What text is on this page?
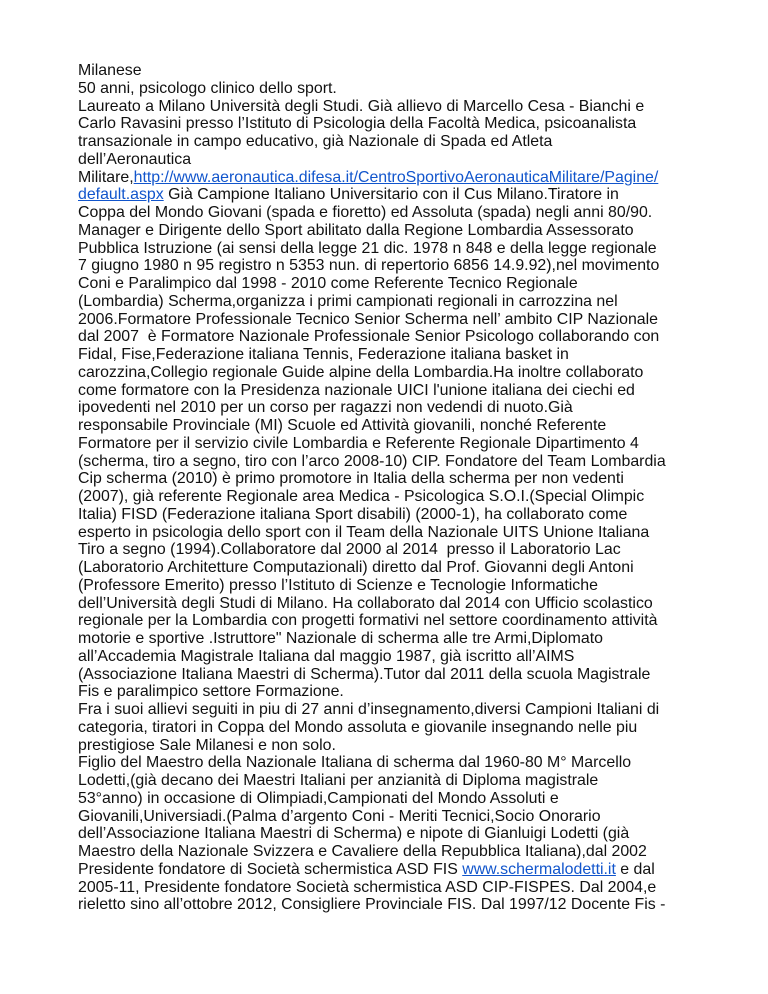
Milanese
50 anni, psicologo clinico dello sport.
Laureato a Milano Università degli Studi. Già allievo di Marcello Cesa - Bianchi e
Carlo Ravasini presso l’Istituto di Psicologia della Facoltà Medica, psicoanalista
transazionale in campo educativo, già Nazionale di Spada ed Atleta
dell’Aeronautica
Militare,http://www.aeronautica.difesa.it/CentroSportivoAeronauticaMilitare/Pagine/
default.aspx Già Campione Italiano Universitario con il Cus Milano.Tiratore in
Coppa del Mondo Giovani (spada e fioretto) ed Assoluta (spada) negli anni 80/90.
Manager e Dirigente dello Sport abilitato dalla Regione Lombardia Assessorato
Pubblica Istruzione (ai sensi della legge 21 dic. 1978 n 848 e della legge regionale
7 giugno 1980 n 95 registro n 5353 nun. di repertorio 6856 14.9.92),nel movimento
Coni e Paralimpico dal 1998 - 2010 come Referente Tecnico Regionale
(Lombardia) Scherma,organizza i primi campionati regionali in carrozzina nel
2006.Formatore Professionale Tecnico Senior Scherma nell’ ambito CIP Nazionale
dal 2007  è Formatore Nazionale Professionale Senior Psicologo collaborando con
Fidal, Fise,Federazione italiana Tennis, Federazione italiana basket in
carozzina,Collegio regionale Guide alpine della Lombardia.Ha inoltre collaborato
come formatore con la Presidenza nazionale UICI l'unione italiana dei ciechi ed
ipovedenti nel 2010 per un corso per ragazzi non vedendi di nuoto.Già
responsabile Provinciale (MI) Scuole ed Attività giovanili, nonché Referente
Formatore per il servizio civile Lombardia e Referente Regionale Dipartimento 4
(scherma, tiro a segno, tiro con l’arco 2008-10) CIP. Fondatore del Team Lombardia
Cip scherma (2010) è primo promotore in Italia della scherma per non vedenti
(2007), già referente Regionale area Medica - Psicologica S.O.I.(Special Olimpic
Italia) FISD (Federazione italiana Sport disabili) (2000-1), ha collaborato come
esperto in psicologia dello sport con il Team della Nazionale UITS Unione Italiana
Tiro a segno (1994).Collaboratore dal 2000 al 2014  presso il Laboratorio Lac
(Laboratorio Architetture Computazionali) diretto dal Prof. Giovanni degli Antoni
(Professore Emerito) presso l’Istituto di Scienze e Tecnologie Informatiche
dell’Università degli Studi di Milano. Ha collaborato dal 2014 con Ufficio scolastico
regionale per la Lombardia con progetti formativi nel settore coordinamento attività
motorie e sportive .Istruttore" Nazionale di scherma alle tre Armi,Diplomato
all’Accademia Magistrale Italiana dal maggio 1987, già iscritto all’AIMS
(Associazione Italiana Maestri di Scherma).Tutor dal 2011 della scuola Magistrale
Fis e paralimpico settore Formazione.
Fra i suoi allievi seguiti in piu di 27 anni d’insegnamento,diversi Campioni Italiani di
categoria, tiratori in Coppa del Mondo assoluta e giovanile insegnando nelle piu
prestigiose Sale Milanesi e non solo.
Figlio del Maestro della Nazionale Italiana di scherma dal 1960-80 M° Marcello
Lodetti,(già decano dei Maestri Italiani per anzianità di Diploma magistrale
53°anno) in occasione di Olimpiadi,Campionati del Mondo Assoluti e
Giovanili,Universiadi.(Palma d’argento Coni - Meriti Tecnici,Socio Onorario
dell’Associazione Italiana Maestri di Scherma) e nipote di Gianluigi Lodetti (già
Maestro della Nazionale Svizzera e Cavaliere della Repubblica Italiana),dal 2002
Presidente fondatore di Società schermistica ASD FIS www.schermalodetti.it e dal
2005-11, Presidente fondatore Società schermistica ASD CIP-FISPES. Dal 2004,e
rieletto sino all’ottobre 2012, Consigliere Provinciale FIS. Dal 1997/12 Docente Fis -
